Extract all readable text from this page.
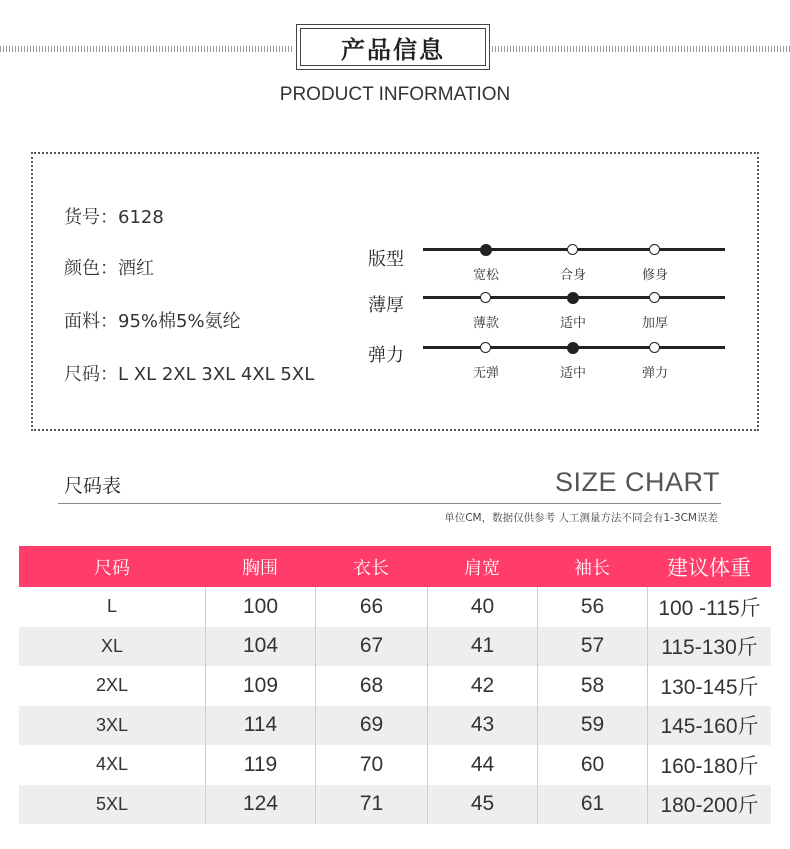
产品信息
PRODUCT INFORMATION
货号：6128
颜色：酒红
面料：95%棉5%氨纶
尺码：L XL 2XL 3XL 4XL 5XL
版型
宽松	合身	修身
薄厚
薄款	适中	加厚
弹力
无弹	适中	弹力
尺码表	SIZE CHART
单位CM，数据仅供参考 人工测量方法不同会有1-3CM误差
尺码	胸围	衣长	肩宽	袖长	建议体重
L	100	66	40	56	100 -115斤
XL	104	67	41	57	115-130斤
2XL	109	68	42	58	130-145斤
3XL	114	69	43	59	145-160斤
4XL	119	70	44	60	160-180斤
5XL	124	71	45	61	180-200斤
